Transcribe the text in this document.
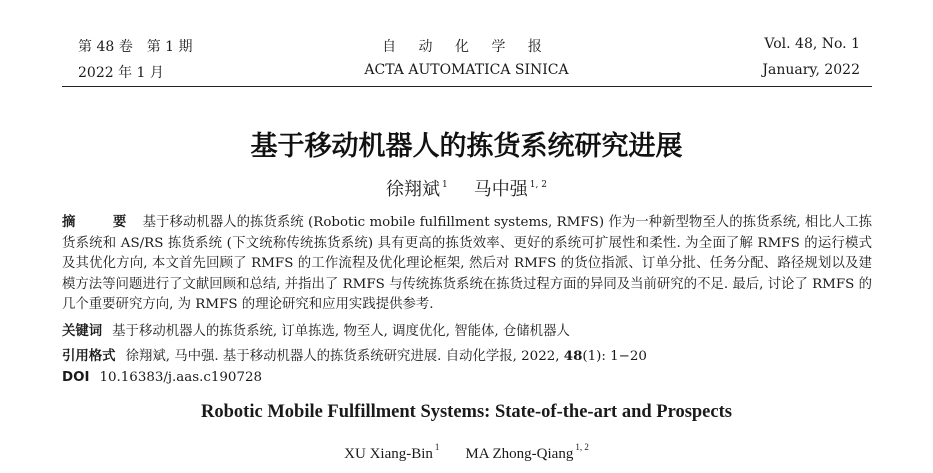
第 48 卷　第 1 期	自 动 化 学 报	Vol. 48, No. 1
2022 年 1 月	ACTA AUTOMATICA SINICA	January, 2022
基于移动机器人的拣货系统研究进展
徐翔斌 $^1$ 马中强 $^{1, 2}$
摘　要 基于移动机器人的拣货系统 (Robotic mobile fulfillment systems, RMFS) 作为一种新型物至人的拣货系统, 相比人工拣货系统和 AS/RS 拣货系统 (下文统称传统拣货系统) 具有更高的拣货效率、更好的系统可扩展性和柔性. 为全面了解 RMFS 的运行模式及其优化方向, 本文首先回顾了 RMFS 的工作流程及优化理论框架, 然后对 RMFS 的货位指派、订单分批、任务分配、路径规划以及建模方法等问题进行了文献回顾和总结, 并指出了 RMFS 与传统拣货系统在拣货过程方面的异同及当前研究的不足. 最后, 讨论了 RMFS 的几个重要研究方向, 为 RMFS 的理论研究和应用实践提供参考.
关键词 基于移动机器人的拣货系统, 订单拣选, 物至人, 调度优化, 智能体, 仓储机器人
引用格式 徐翔斌, 马中强. 基于移动机器人的拣货系统研究进展. 自动化学报, 2022, 48(1): 1−20
DOI 10.16383/j.aas.c190728
Robotic Mobile Fulfillment Systems: State-of-the-art and Prospects
XU Xiang-Bin $^1$ MA Zhong-Qiang $^{1, 2}$
